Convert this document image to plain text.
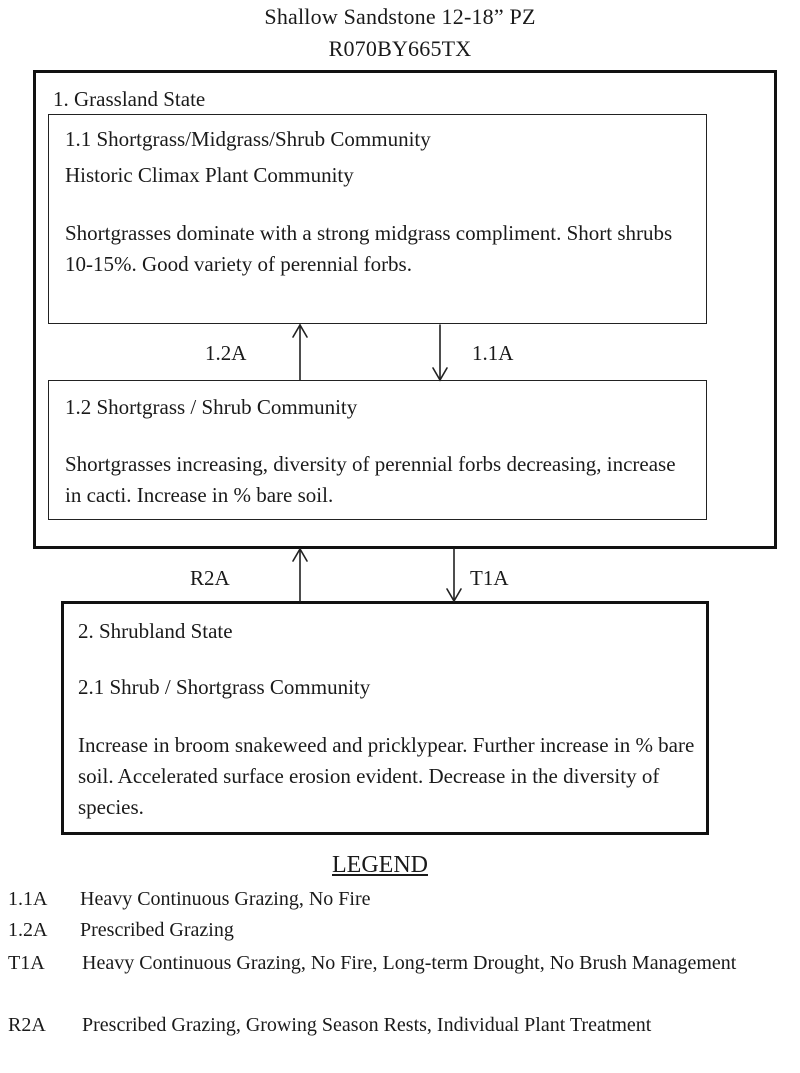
Shallow Sandstone 12-18” PZ
R070BY665TX
1. Grassland State
1.1 Shortgrass/Midgrass/Shrub Community
Historic Climax Plant Community
Shortgrasses dominate with a strong midgrass compliment. Short shrubs 10-15%. Good variety of perennial forbs.
1.2 Shortgrass / Shrub Community
Shortgrasses increasing, diversity of perennial forbs decreasing, increase in cacti. Increase in % bare soil.
1.2A	1.1A
R2A	T1A
2. Shrubland State
2.1 Shrub / Shortgrass Community
Increase in broom snakeweed and pricklypear. Further increase in % bare soil. Accelerated surface erosion evident. Decrease in the diversity of species.
LEGEND
1.1A Heavy Continuous Grazing, No Fire
1.2A Prescribed Grazing
T1A Heavy Continuous Grazing, No Fire, Long-term Drought, No Brush Management
R2A Prescribed Grazing, Growing Season Rests, Individual Plant Treatment
